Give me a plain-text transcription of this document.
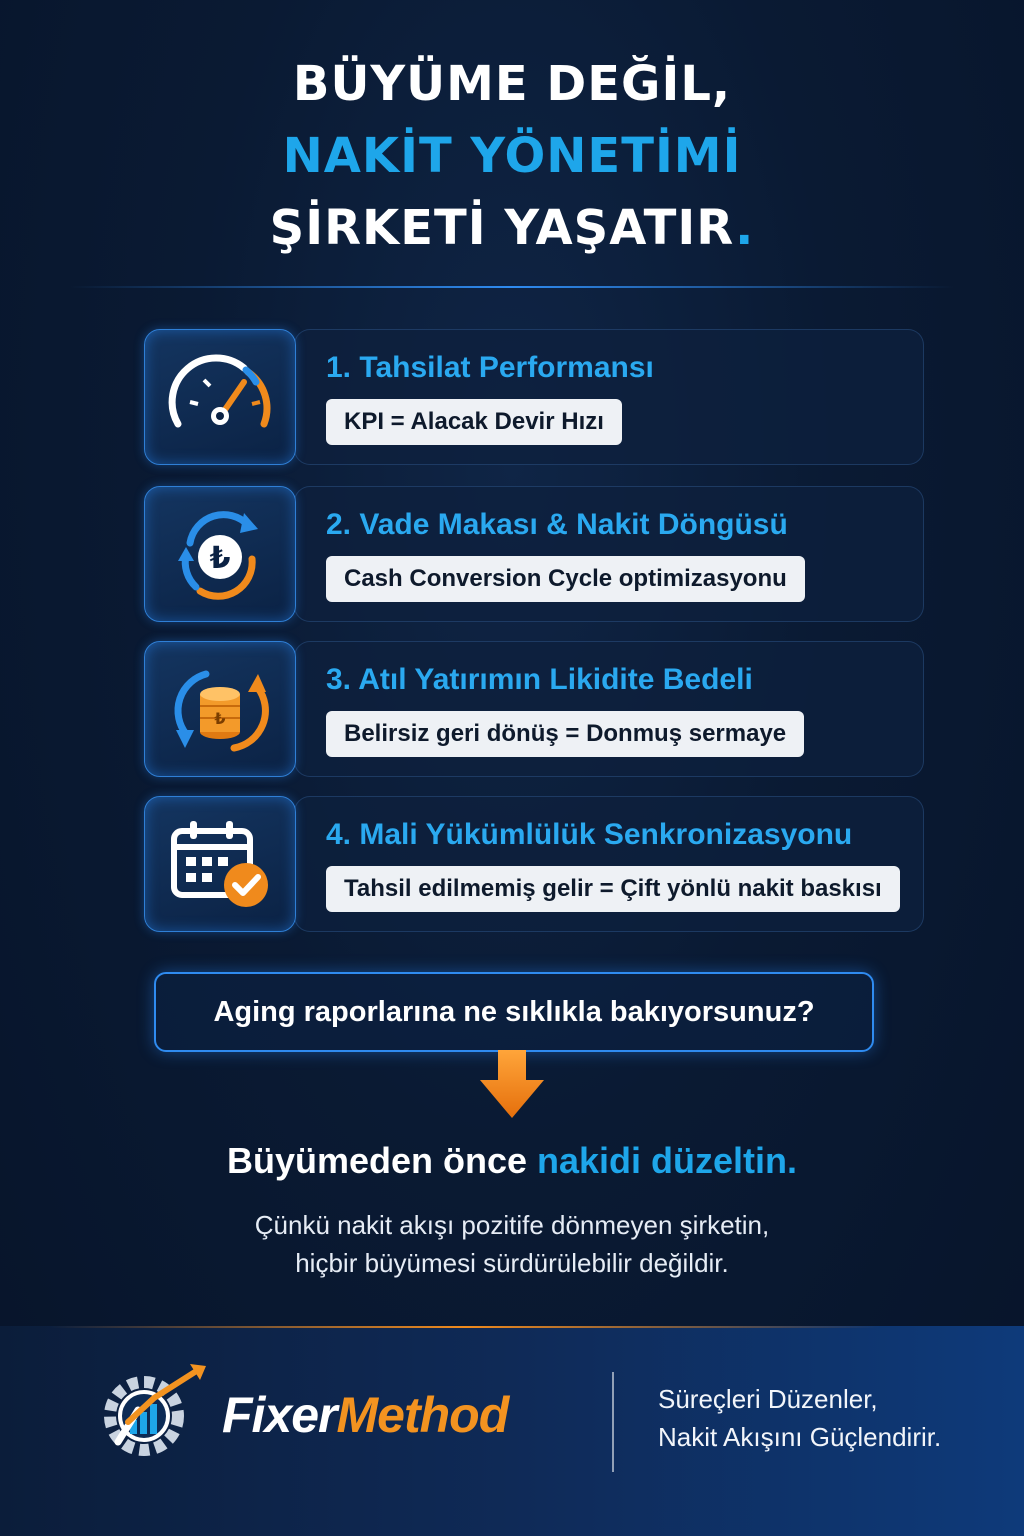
BÜYÜME DEĞİL,
NAKİT YÖNETİMİ
ŞİRKETİ YAŞATIR.
1. Tahsilat Performansı
KPI = Alacak Devir Hızı
₺
2. Vade Makası & Nakit Döngüsü
Cash Conversion Cycle optimizasyonu
₺
3. Atıl Yatırımın Likidite Bedeli
Belirsiz geri dönüş = Donmuş sermaye
4. Mali Yükümlülük Senkronizasyonu
Tahsil edilmemiş gelir = Çift yönlü nakit baskısı
Aging raporlarına ne sıklıkla bakıyorsunuz?
Büyümeden önce nakidi düzeltin.
Çünkü nakit akışı pozitife dönmeyen şirketin,
hiçbir büyümesi sürdürülebilir değildir.
FixerMethod	Süreçleri Düzenler,
Nakit Akışını Güçlendirir.
